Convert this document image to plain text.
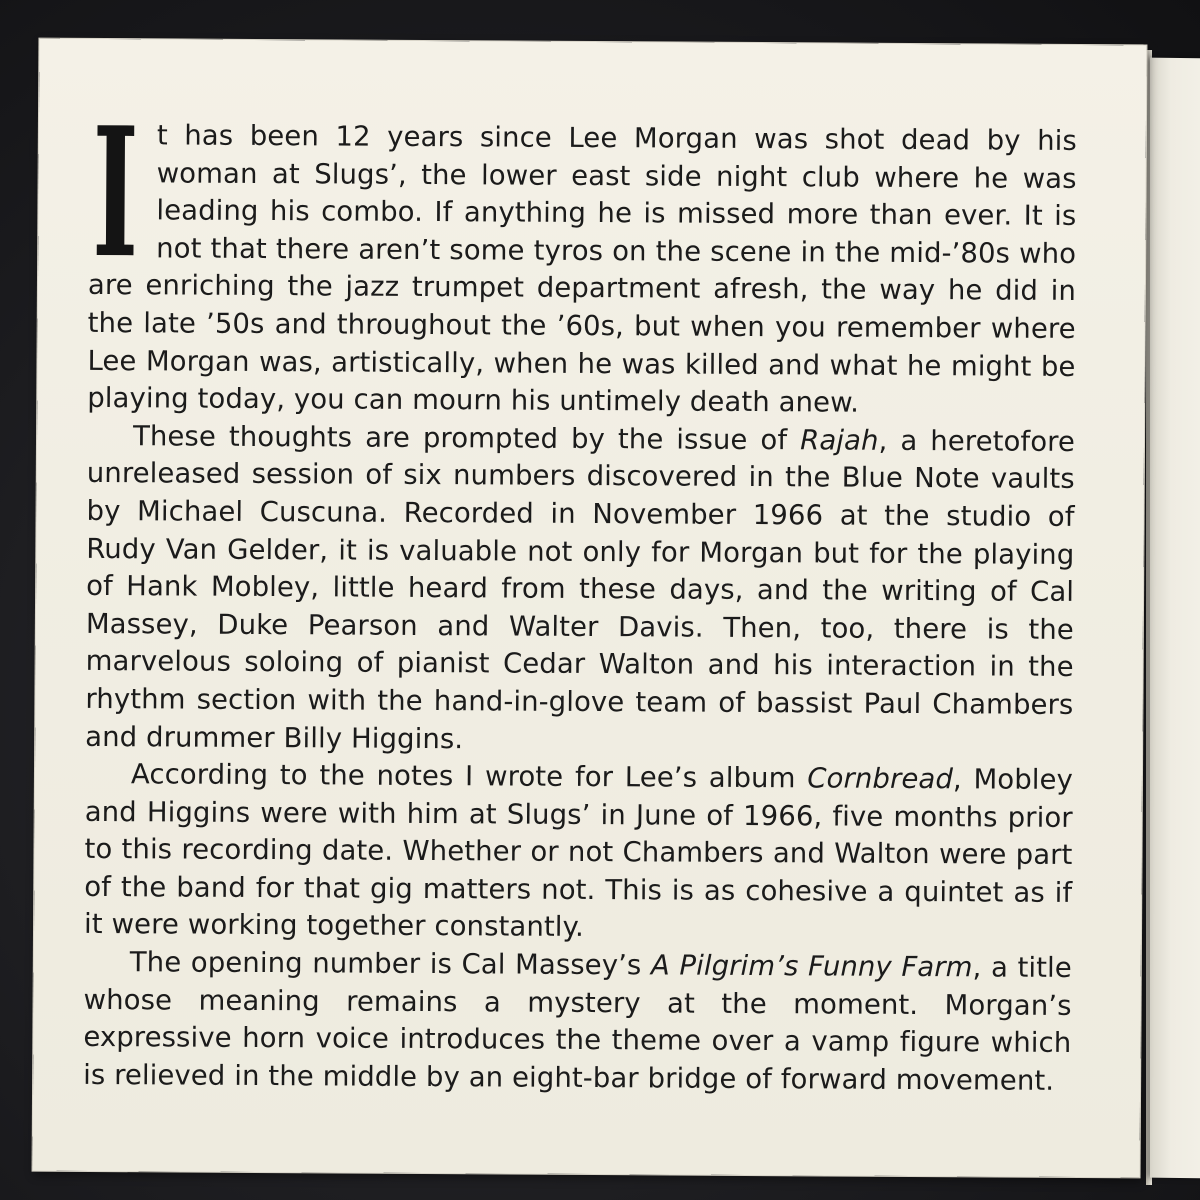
It has been 12 years since Lee Morgan was shot dead by his woman at Slugs’, the lower east side night club where he was leading his combo. If anything he is missed more than ever. It is not that there aren’t some tyros on the scene in the mid-’80s who are enriching the jazz trumpet department afresh, the way he did in the late ’50s and throughout the ’60s, but when you remember where Lee Morgan was, artistically, when he was killed and what he might be playing today, you can mourn his untimely death anew.

These thoughts are prompted by the issue of Rajah, a heretofore unreleased session of six numbers discovered in the Blue Note vaults by Michael Cuscuna. Recorded in November 1966 at the studio of Rudy Van Gelder, it is valuable not only for Morgan but for the playing of Hank Mobley, little heard from these days, and the writing of Cal Massey, Duke Pearson and Walter Davis. Then, too, there is the marvelous soloing of pianist Cedar Walton and his interaction in the rhythm section with the hand-in-glove team of bassist Paul Chambers and drummer Billy Higgins.

According to the notes I wrote for Lee’s album Cornbread, Mobley and Higgins were with him at Slugs’ in June of 1966, five months prior to this recording date. Whether or not Chambers and Walton were part of the band for that gig matters not. This is as cohesive a quintet as if it were working together constantly.

The opening number is Cal Massey’s A Pilgrim’s Funny Farm, a title whose meaning remains a mystery at the moment. Morgan’s expressive horn voice introduces the theme over a vamp figure which is relieved in the middle by an eight-bar bridge of forward movement.
